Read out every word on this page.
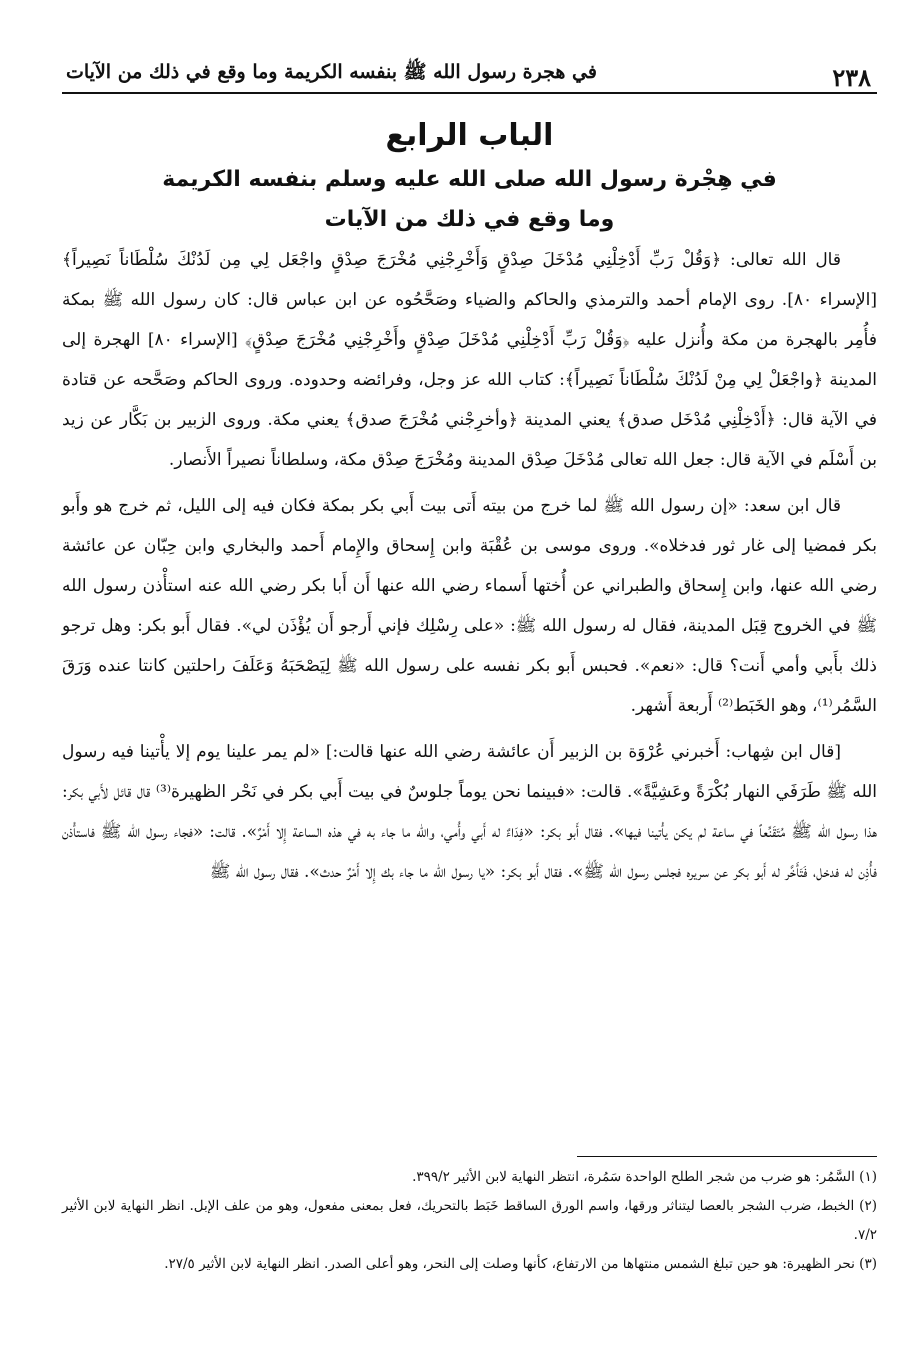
٢٣٨
في هجرة رسول الله ﷺ بنفسه الكريمة وما وقع في ذلك من الآيات
الباب الرابع
في هِجْرة رسول الله صلى الله عليه وسلم بنفسه الكريمة
وما وقع في ذلك من الآيات

قال الله تعالى: ﴿وَقُلْ رَبِّ أَدْخِلْنِي مُدْخَلَ صِدْقٍ وَأَخْرِجْنِي مُخْرَجَ صِدْقٍ واجْعَل لِي مِن لَدُنْكَ سُلْطَاناً نَصِيراً﴾[الإسراء ٨٠]. روى الإمام أحمد والترمذي والحاكم والضياء وصَحَّحُوه عن ابن عباس قال: كان رسول الله ﷺ بمكة فأُمِر بالهجرة من مكة وأُنزل عليه ﴿وَقُلْ رَبِّ أَدْخِلْنِي مُدْخَلَ صِدْقٍ وأَخْرِجْنِي مُخْرَجَ صِدْقٍ﴾ [الإسراء ٨٠] الهجرة إلى المدينة ﴿واجْعَلْ لِي مِنْ لَدُنْكَ سُلْطَاناً نَصِيراً﴾: كتاب الله عز وجل، وفرائضه وحدوده. وروى الحاكم وصَحَّحه عن قتادة في الآية قال: ﴿أَدْخِلْنِي مُدْخَل صدق﴾ يعني المدينة ﴿وأخرِجْني مُخْرَجَ صدق﴾ يعني مكة. وروى الزبير بن بَكَّار عن زيد بن أَسْلَم في الآية قال: جعل الله تعالى مُدْخَلَ صِدْق المدينة ومُخْرَجَ صِدْق مكة، وسلطاناً نصيراً الأَنصار.

قال ابن سعد: «إن رسول الله ﷺ لما خرج من بيته أَتى بيت أَبي بكر بمكة فكان فيه إلى الليل، ثم خرج هو وأَبو بكر فمضيا إلى غار ثور فدخلاه». وروى موسى بن عُقْبَة وابن إِسحاق والإِمام أَحمد والبخاري وابن حِبّان عن عائشة رضي الله عنها، وابن إِسحاق والطبراني عن أُختها أَسماء رضي الله عنها أَن أَبا بكر رضي الله عنه استأْذن رسول الله ﷺ في الخروج قِبَل المدينة، فقال له رسول الله ﷺ: «على رِسْلِك فإني أَرجو أَن يُؤْذَن لي». فقال أَبو بكر: وهل ترجو ذلك بأَبي وأمي أَنت؟ قال: «نعم». فحبس أَبو بكر نفسه على رسول الله ﷺ لِيَصْحَبَهُ وَعَلَفَ راحلتين كانتا عنده وَرَقَ السَّمُر⁽¹⁾، وهو الخَبَط⁽²⁾ أَربعة أَشهر.

[قال ابن شِهاب: أَخبرني عُرْوَة بن الزبير أَن عائشة رضي الله عنها قالت:] «لم يمر علينا يوم إلا يأْتينا فيه رسول الله ﷺ طَرَفَي النهار بُكْرَةً وعَشِيَّةً». قالت: «فبينما نحن يوماً جلوسٌ في بيت أَبي بكر في نَحْر الظهيرة⁽³⁾ قال قائل لأَبي بكر: هذا رسول الله ﷺ مُتَقَنِّعاً في ساعة لم يكن يأْتينا فيها». فقال أَبو بكر: «فِدَاءٌ له أَبي وأُمي، والله ما جاء به في هذه الساعة إِلا أَمْرٌ». قالت: «فجاء رسول الله ﷺ فاستأْذن فأُذِن له فدخل، فَتَأَخَّر له أَبو بكر عن سريره فجلس رسول الله ﷺ». فقال أَبو بكر: «يا رسول الله ما جاء بك إِلا أَمْرٌ حدث». فقال رسول الله ﷺ

(١) السَّمُر: هو ضرب من شجر الطلح الواحدة سَمُرة، انتظر النهاية لابن الأثير ٣٩٩/٢.

(٢) الخبط، ضرب الشجر بالعصا ليتناثر ورقها، واسم الورق الساقط خَبَط بالتحريك، فعل بمعنى مفعول، وهو من علف الإبل. انظر النهاية لابن الأثير ٧/٢.

(٣) نحر الظهيرة: هو حين تبلغ الشمس منتهاها من الارتفاع، كأنها وصلت إلى النحر، وهو أعلى الصدر. انظر النهاية لابن الأثير ٢٧/٥.
